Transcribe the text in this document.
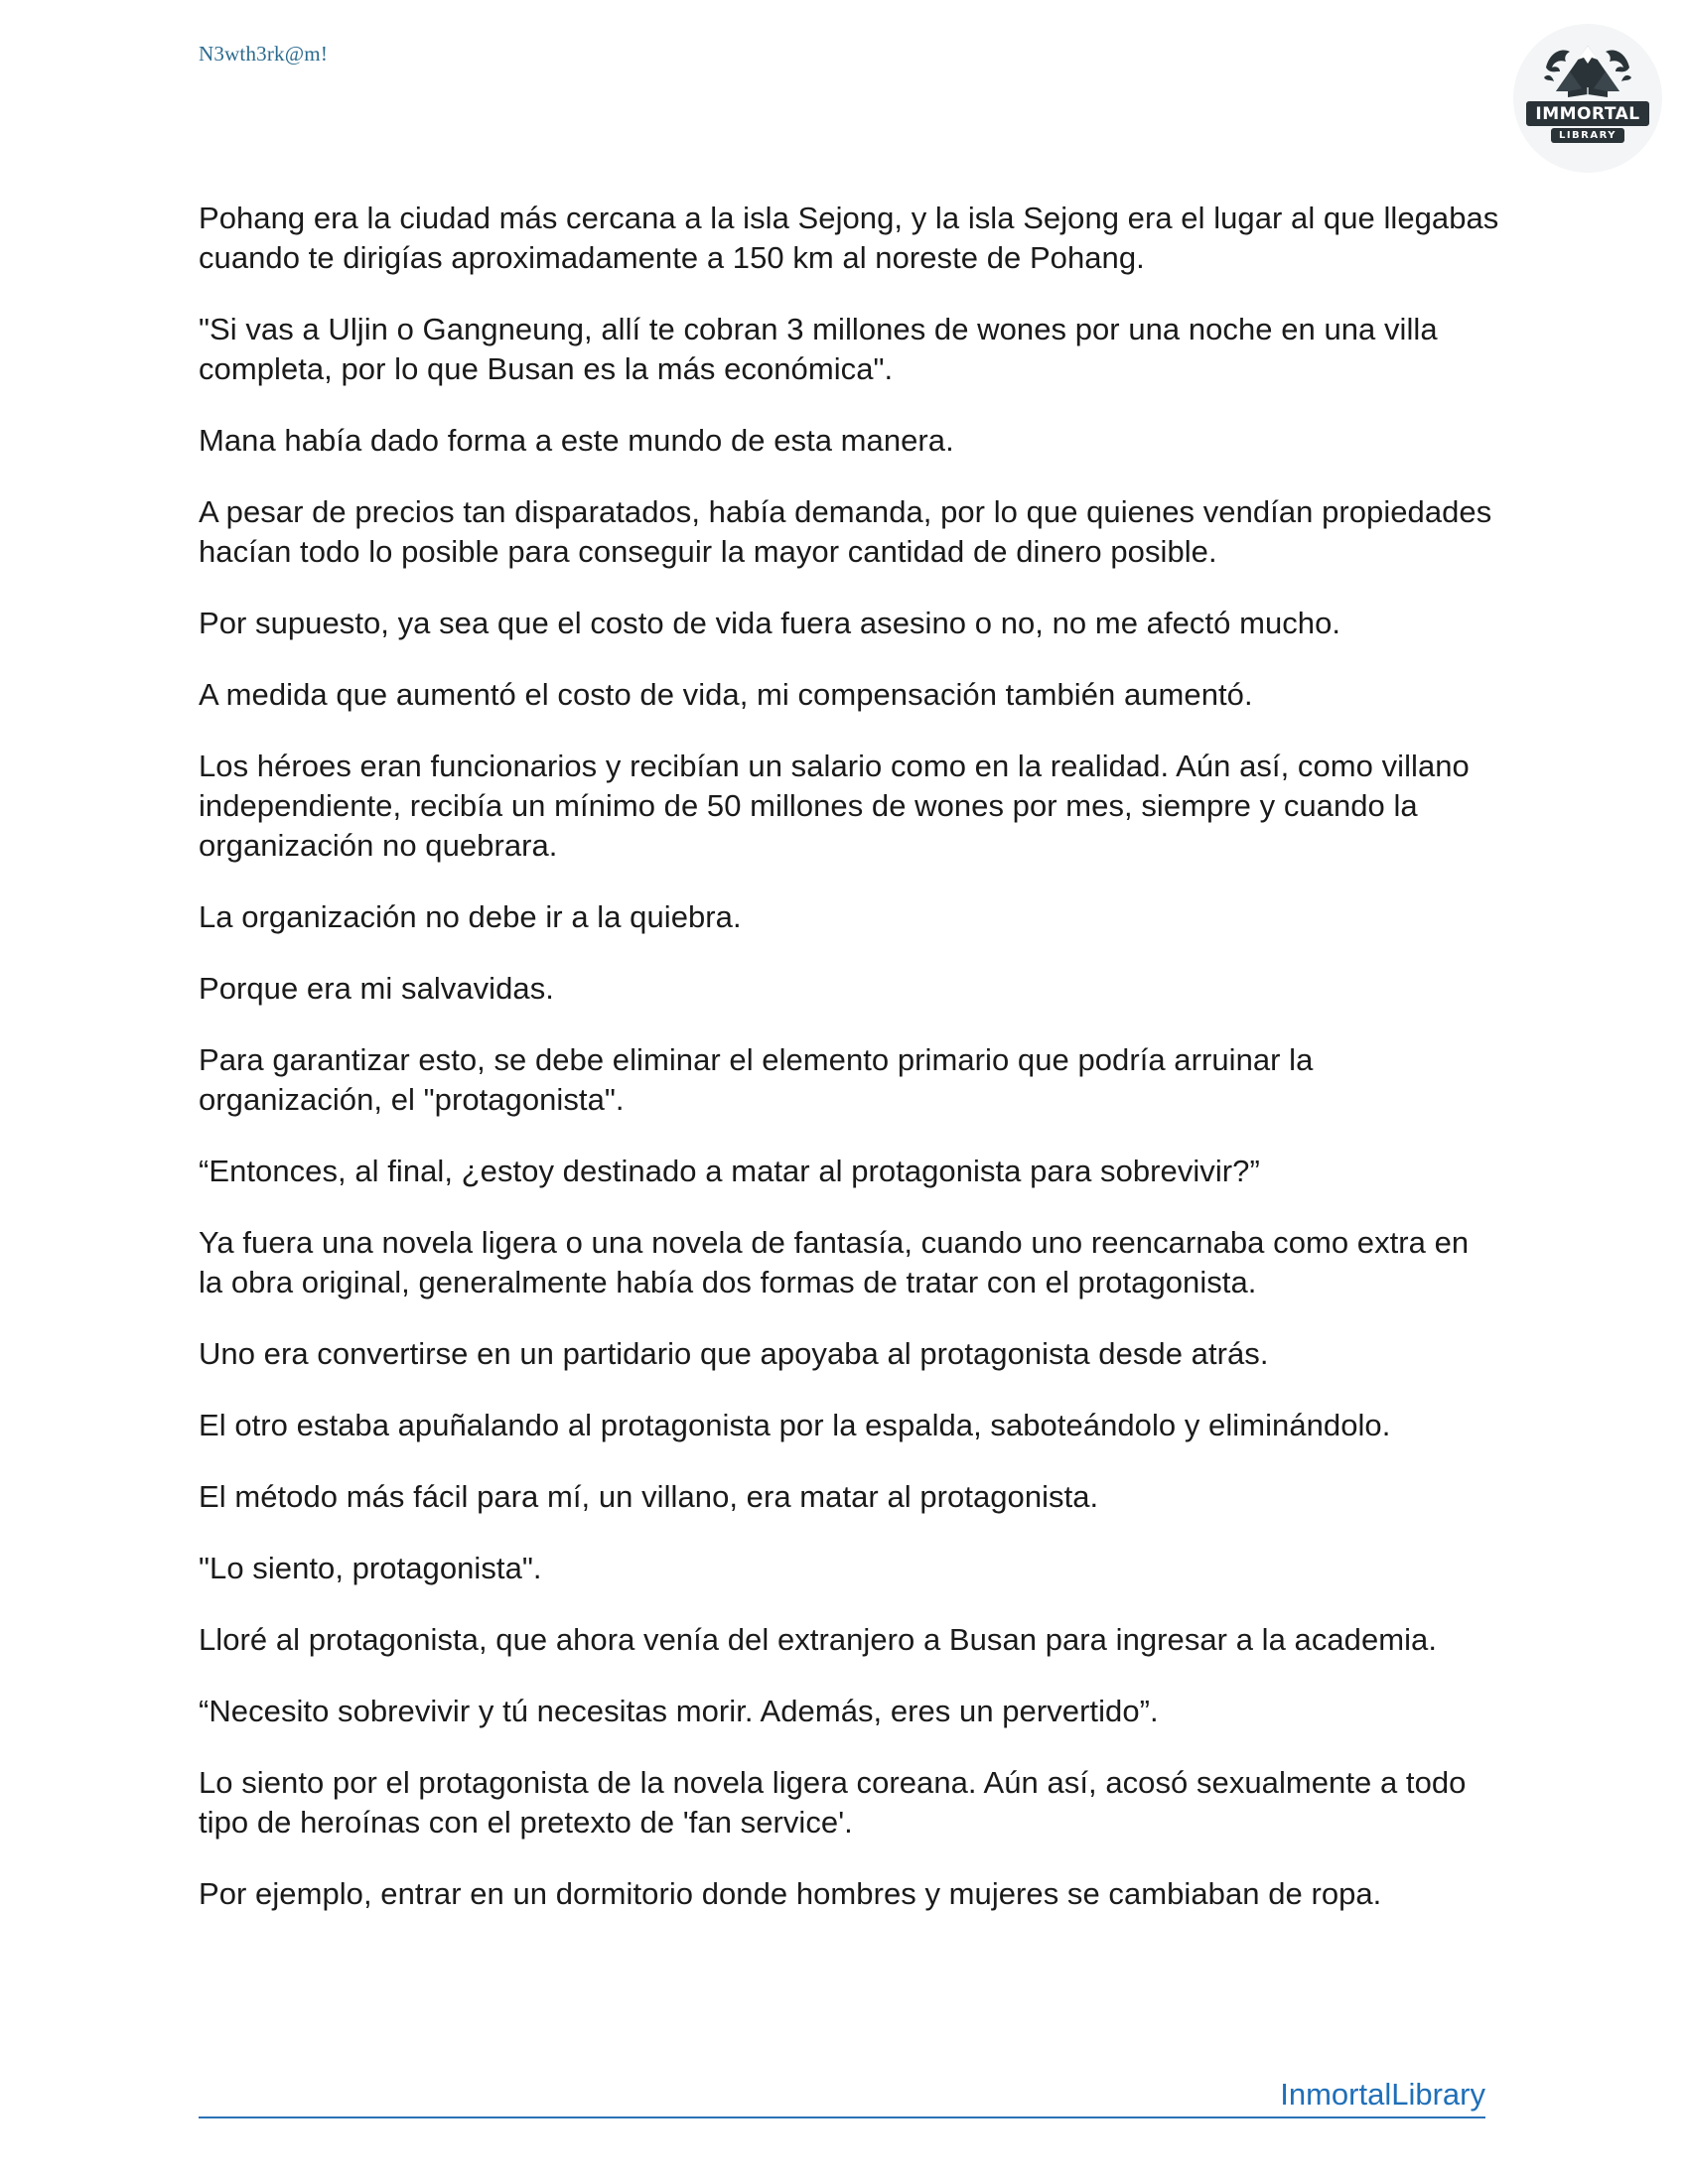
N3wth3rk@m!
IMMORTAL
LIBRARY

Pohang era la ciudad más cercana a la isla Sejong, y la isla Sejong era el lugar al que llegabas cuando te dirigías aproximadamente a 150 km al noreste de Pohang.

"Si vas a Uljin o Gangneung, allí te cobran 3 millones de wones por una noche en una villa completa, por lo que Busan es la más económica".

Mana había dado forma a este mundo de esta manera.

A pesar de precios tan disparatados, había demanda, por lo que quienes vendían propiedades hacían todo lo posible para conseguir la mayor cantidad de dinero posible.

Por supuesto, ya sea que el costo de vida fuera asesino o no, no me afectó mucho.

A medida que aumentó el costo de vida, mi compensación también aumentó.

Los héroes eran funcionarios y recibían un salario como en la realidad. Aún así, como villano independiente, recibía un mínimo de 50 millones de wones por mes, siempre y cuando la organización no quebrara.

La organización no debe ir a la quiebra.

Porque era mi salvavidas.

Para garantizar esto, se debe eliminar el elemento primario que podría arruinar la organización, el "protagonista".

“Entonces, al final, ¿estoy destinado a matar al protagonista para sobrevivir?”

Ya fuera una novela ligera o una novela de fantasía, cuando uno reencarnaba como extra en la obra original, generalmente había dos formas de tratar con el protagonista.

Uno era convertirse en un partidario que apoyaba al protagonista desde atrás.

El otro estaba apuñalando al protagonista por la espalda, saboteándolo y eliminándolo.

El método más fácil para mí, un villano, era matar al protagonista.

"Lo siento, protagonista".

Lloré al protagonista, que ahora venía del extranjero a Busan para ingresar a la academia.

“Necesito sobrevivir y tú necesitas morir. Además, eres un pervertido”.

Lo siento por el protagonista de la novela ligera coreana. Aún así, acosó sexualmente a todo tipo de heroínas con el pretexto de 'fan service'.

Por ejemplo, entrar en un dormitorio donde hombres y mujeres se cambiaban de ropa.

InmortalLibrary
